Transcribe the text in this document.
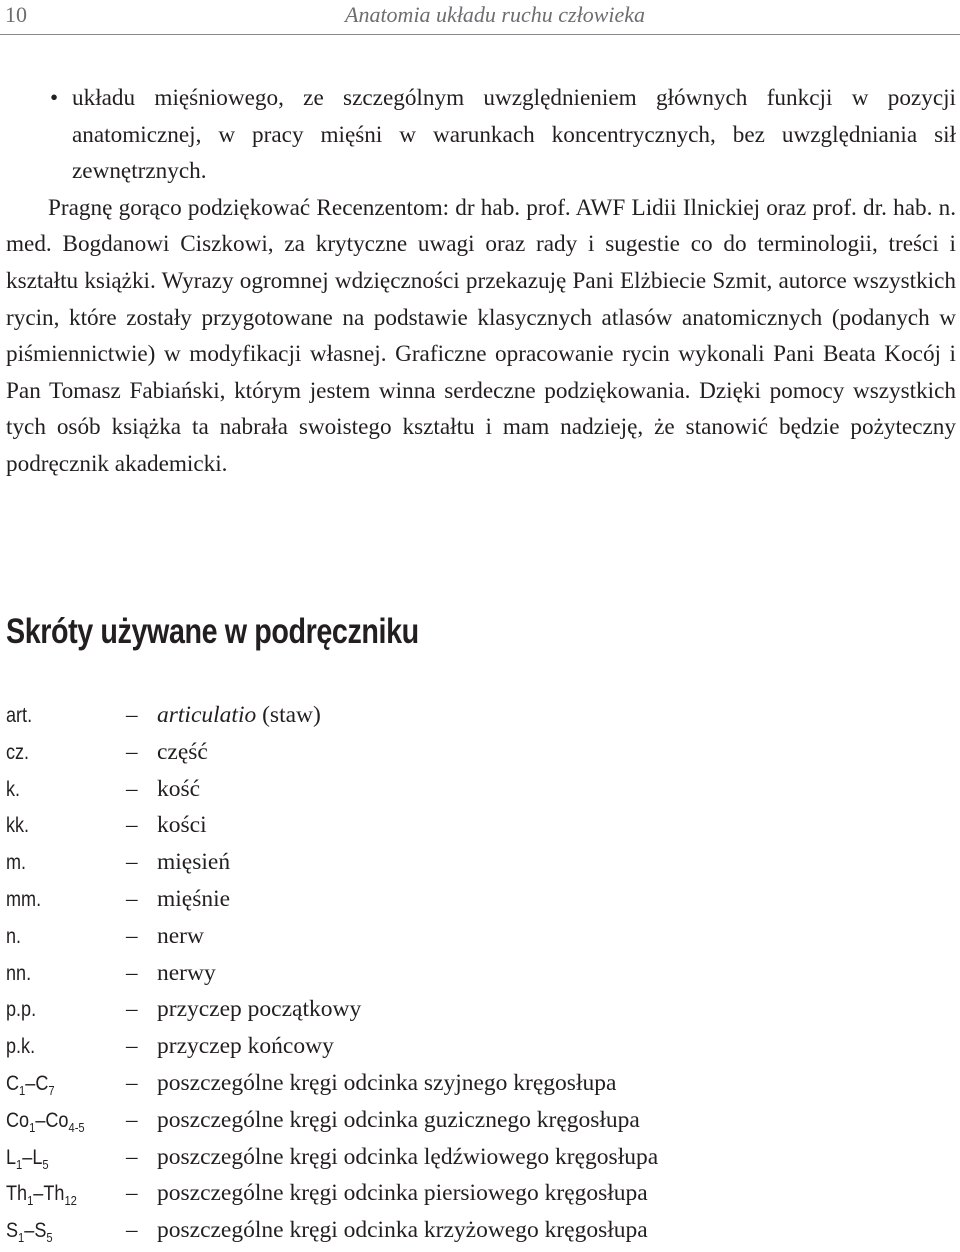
10	Anatomia układu ruchu człowieka
• układu mięśniowego, ze szczególnym uwzględnieniem głównych funkcji w pozycji anatomicznej, w pracy mięśni w warunkach koncentrycznych, bez uwzględniania sił zewnętrznych.

Pragnę gorąco podziękować Recenzentom: dr hab. prof. AWF Lidii Ilnickiej oraz prof. dr. hab. n. med. Bogdanowi Ciszkowi, za krytyczne uwagi oraz rady i sugestie co do terminologii, treści i kształtu książki. Wyrazy ogromnej wdzięczności przekazuję Pani Elżbiecie Szmit, autorce wszystkich rycin, które zostały przygotowane na podstawie klasycznych atlasów anatomicznych (podanych w piśmiennictwie) w modyfikacji własnej. Graficzne opracowanie rycin wykonali Pani Beata Kocój i Pan Tomasz Fabiański, którym jestem winna serdeczne podziękowania. Dzięki pomocy wszystkich tych osób książka ta nabrała swoistego kształtu i mam nadzieję, że stanowić będzie pożyteczny podręcznik akademicki.

Skróty używane w podręczniku
art.	– articulatio (staw)
cz.	– część
k.	– kość
kk.	– kości
m.	– mięsień
mm.	– mięśnie
n.	– nerw
nn.	– nerwy
p.p.	– przyczep początkowy
p.k.	– przyczep końcowy
$C_1-C_7$	– poszczególne kręgi odcinka szyjnego kręgosłupa
$Co_1-Co_{4-5}$ – poszczególne kręgi odcinka guzicznego kręgosłupa
$L_1-L_5$	– poszczególne kręgi odcinka lędźwiowego kręgosłupa
$Th_1-Th_{12}$ – poszczególne kręgi odcinka piersiowego kręgosłupa
$S_1-S_5$	– poszczególne kręgi odcinka krzyżowego kręgosłupa
